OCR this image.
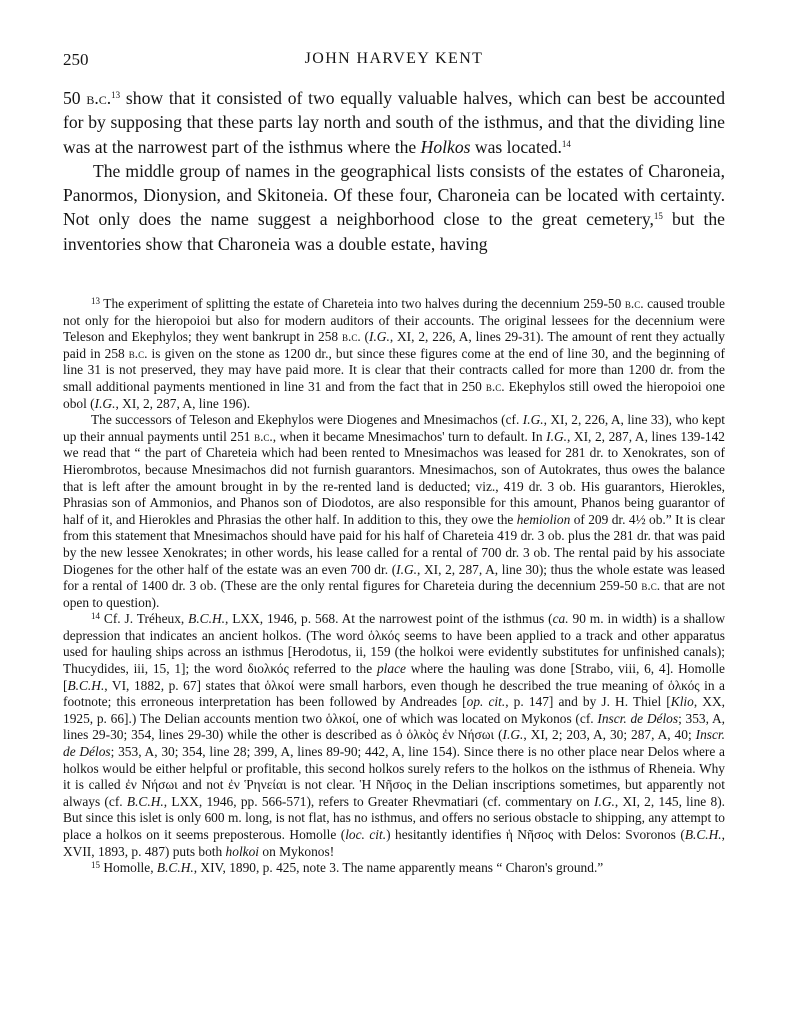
250	JOHN HARVEY KENT

50 b.c.$^{13}$ show that it consisted of two equally valuable halves, which can best be accounted for by supposing that these parts lay north and south of the isthmus, and that the dividing line was at the narrowest part of the isthmus where the Holkos was located.$^{14}$

The middle group of names in the geographical lists consists of the estates of Charoneia, Panormos, Dionysion, and Skitoneia. Of these four, Charoneia can be located with certainty. Not only does the name suggest a neighborhood close to the great cemetery,$^{15}$ but the inventories show that Charoneia was a double estate, having

$^{13}$ The experiment of splitting the estate of Chareteia into two halves during the decennium 259-50 b.c. caused trouble not only for the hieropoioi but also for modern auditors of their accounts. The original lessees for the decennium were Teleson and Ekephylos; they went bankrupt in 258 b.c. (I.G., XI, 2, 226, A, lines 29-31). The amount of rent they actually paid in 258 b.c. is given on the stone as 1200 dr., but since these figures come at the end of line 30, and the beginning of line 31 is not preserved, they may have paid more. It is clear that their contracts called for more than 1200 dr. from the small additional payments mentioned in line 31 and from the fact that in 250 b.c. Ekephylos still owed the hieropoioi one obol (I.G., XI, 2, 287, A, line 196).

The successors of Teleson and Ekephylos were Diogenes and Mnesimachos (cf. I.G., XI, 2, 226, A, line 33), who kept up their annual payments until 251 b.c., when it became Mnesimachos' turn to default. In I.G., XI, 2, 287, A, lines 139-142 we read that “ the part of Chareteia which had been rented to Mnesimachos was leased for 281 dr. to Xenokrates, son of Hierombrotos, because Mnesimachos did not furnish guarantors. Mnesimachos, son of Autokrates, thus owes the balance that is left after the amount brought in by the re-rented land is deducted; viz., 419 dr. 3 ob. His guarantors, Hierokles, Phrasias son of Ammonios, and Phanos son of Diodotos, are also responsible for this amount, Phanos being guarantor of half of it, and Hierokles and Phrasias the other half. In addition to this, they owe the hemiolion of 209 dr. 4½ ob.” It is clear from this statement that Mnesimachos should have paid for his half of Chareteia 419 dr. 3 ob. plus the 281 dr. that was paid by the new lessee Xenokrates; in other words, his lease called for a rental of 700 dr. 3 ob. The rental paid by his associate Diogenes for the other half of the estate was an even 700 dr. (I.G., XI, 2, 287, A, line 30); thus the whole estate was leased for a rental of 1400 dr. 3 ob. (These are the only rental figures for Chareteia during the decennium 259-50 b.c. that are not open to question).

$^{14}$ Cf. J. Tréheux, B.C.H., LXX, 1946, p. 568. At the narrowest point of the isthmus (ca. 90 m. in width) is a shallow depression that indicates an ancient holkos. (The word ὁλκός seems to have been applied to a track and other apparatus used for hauling ships across an isthmus [Herodotus, ii, 159 (the holkoi were evidently substitutes for unfinished canals); Thucydides, iii, 15, 1]; the word διολκός referred to the place where the hauling was done [Strabo, viii, 6, 4]. Homolle [B.C.H., VI, 1882, p. 67] states that ὁλκοί were small harbors, even though he described the true meaning of ὁλκός in a footnote; this erroneous interpretation has been followed by Andreades [op. cit., p. 147] and by J. H. Thiel [Klio, XX, 1925, p. 66].) The Delian accounts mention two ὁλκοί, one of which was located on Mykonos (cf. Inscr. de Délos; 353, A, lines 29-30; 354, lines 29-30) while the other is described as ὁ ὁλκὸς ἐν Νήσωι (I.G., XI, 2; 203, A, 30; 287, A, 40; Inscr. de Délos; 353, A, 30; 354, line 28; 399, A, lines 89-90; 442, A, line 154). Since there is no other place near Delos where a holkos would be either helpful or profitable, this second holkos surely refers to the holkos on the isthmus of Rheneia. Why it is called ἐν Νήσωι and not ἐν Ῥηνείαι is not clear. Ἡ Νῆσος in the Delian inscriptions sometimes, but apparently not always (cf. B.C.H., LXX, 1946, pp. 566-571), refers to Greater Rhevmatiari (cf. commentary on I.G., XI, 2, 145, line 8). But since this islet is only 600 m. long, is not flat, has no isthmus, and offers no serious obstacle to shipping, any attempt to place a holkos on it seems preposterous. Homolle (loc. cit.) hesitantly identifies ἡ Νῆσος with Delos: Svoronos (B.C.H., XVII, 1893, p. 487) puts both holkoi on Mykonos!

$^{15}$ Homolle, B.C.H., XIV, 1890, p. 425, note 3. The name apparently means “ Charon's ground.”
